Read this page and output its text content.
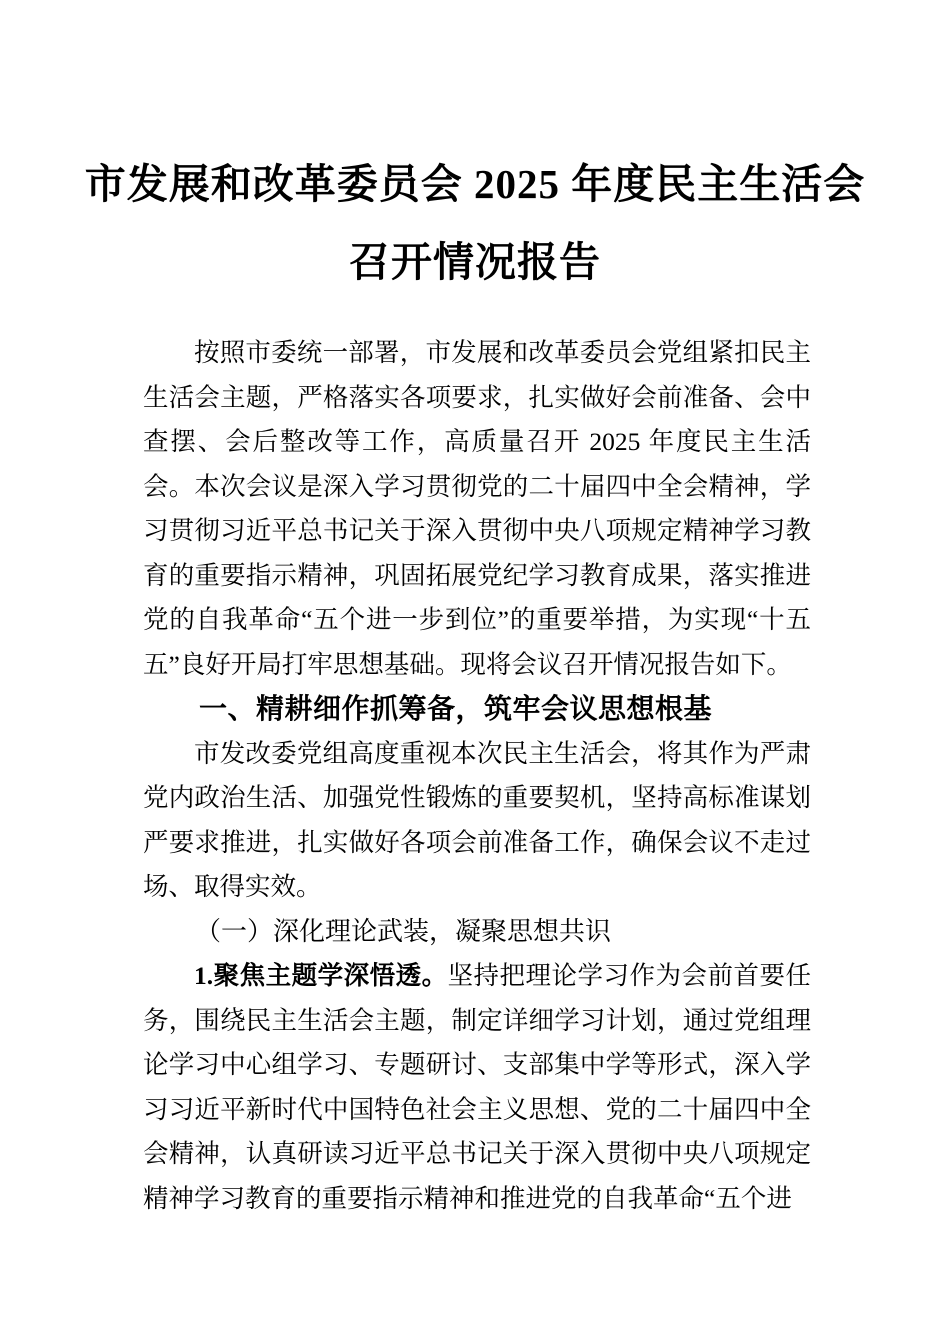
市发展和改革委员会 2025 年度民主生活会
召开情况报告

按照市委统一部署，市发展和改革委员会党组紧扣民主生活会主题，严格落实各项要求，扎实做好会前准备、会中查摆、会后整改等工作，高质量召开 2025 年度民主生活会。本次会议是深入学习贯彻党的二十届四中全会精神，学习贯彻习近平总书记关于深入贯彻中央八项规定精神学习教育的重要指示精神，巩固拓展党纪学习教育成果，落实推进党的自我革命“五个进一步到位”的重要举措，为实现“十五五”良好开局打牢思想基础。现将会议召开情况报告如下。

一、精耕细作抓筹备，筑牢会议思想根基

市发改委党组高度重视本次民主生活会，将其作为严肃党内政治生活、加强党性锻炼的重要契机，坚持高标准谋划严要求推进，扎实做好各项会前准备工作，确保会议不走过场、取得实效。

（一）深化理论武装，凝聚思想共识

1.聚焦主题学深悟透。坚持把理论学习作为会前首要任务，围绕民主生活会主题，制定详细学习计划，通过党组理论学习中心组学习、专题研讨、支部集中学等形式，深入学习习近平新时代中国特色社会主义思想、党的二十届四中全会精神，认真研读习近平总书记关于深入贯彻中央八项规定精神学习教育的重要指示精神和推进党的自我革命“五个进
